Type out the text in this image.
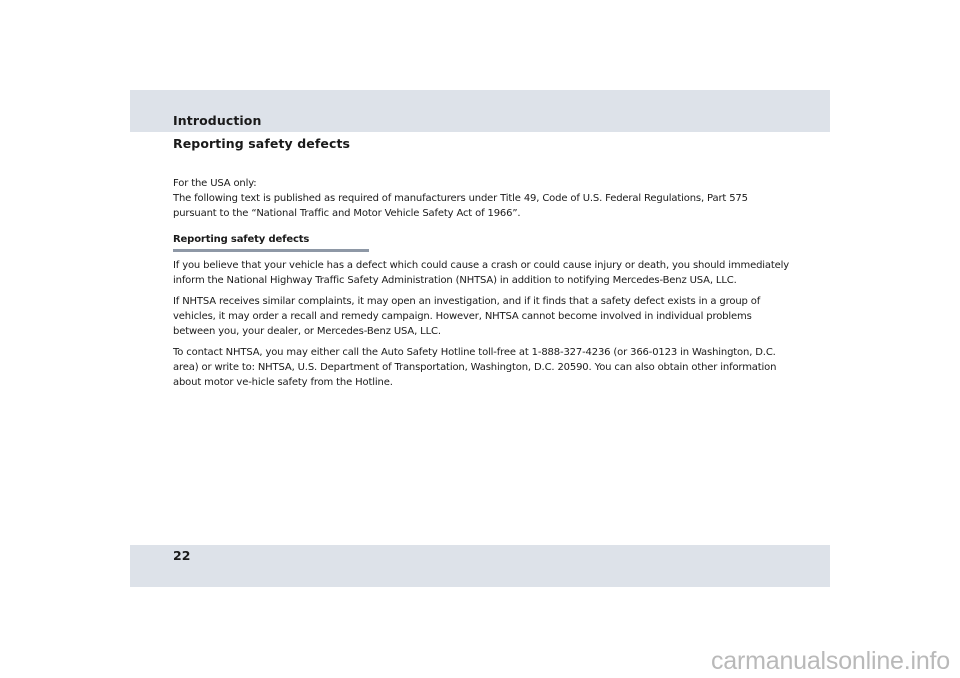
Introduction
Reporting safety defects

For the USA only:
The following text is published as required of manufacturers under Title 49, Code of U.S. Federal Regulations, Part 575 pursuant to the “National Traffic and Motor Vehicle Safety Act of 1966”.

Reporting safety defects

If you believe that your vehicle has a defect which could cause a crash or could cause injury or death, you should immediately inform the National Highway Traffic Safety Administration (NHTSA) in addition to notifying Mercedes-Benz USA, LLC.

If NHTSA receives similar complaints, it may open an investigation, and if it finds that a safety defect exists in a group of vehicles, it may order a recall and remedy campaign. However, NHTSA cannot become involved in individual problems between you, your dealer, or Mercedes-Benz USA, LLC.

To contact NHTSA, you may either call the Auto Safety Hotline toll-free at 1-888-327-4236 (or 366-0123 in Washington, D.C. area) or write to: NHTSA, U.S. Department of Transportation, Washington, D.C. 20590. You can also obtain other information about motor ve-hicle safety from the Hotline.

22
carmanualsonline.info
